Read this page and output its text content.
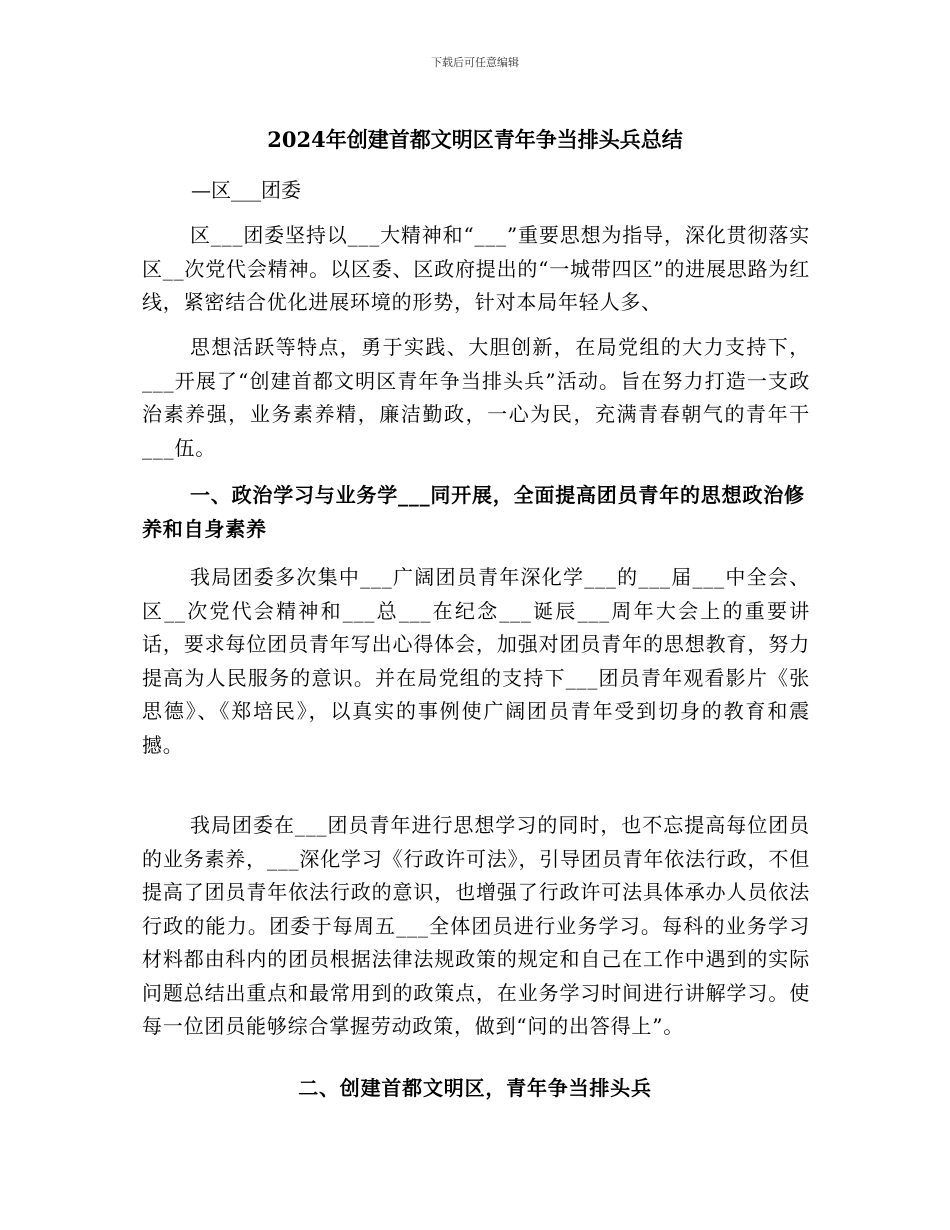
下载后可任意编辑
2024年创建首都文明区青年争当排头兵总结
—区___团委

区___团委坚持以___大精神和“___”重要思想为指导，深化贯彻落实区__次党代会精神。以区委、区政府提出的“一城带四区”的进展思路为红线，紧密结合优化进展环境的形势，针对本局年轻人多、

思想活跃等特点，勇于实践、大胆创新，在局党组的大力支持下，___开展了“创建首都文明区青年争当排头兵”活动。旨在努力打造一支政治素养强，业务素养精，廉洁勤政，一心为民，充满青春朝气的青年干___伍。

一、政治学习与业务学___同开展，全面提高团员青年的思想政治修养和自身素养

我局团委多次集中___广阔团员青年深化学___的___届___中全会、区__次党代会精神和___总___在纪念___诞辰___周年大会上的重要讲话，要求每位团员青年写出心得体会，加强对团员青年的思想教育，努力提高为人民服务的意识。并在局党组的支持下___团员青年观看影片《张思德》、《郑培民》，以真实的事例使广阔团员青年受到切身的教育和震撼。

我局团委在___团员青年进行思想学习的同时，也不忘提高每位团员的业务素养，___深化学习《行政许可法》，引导团员青年依法行政，不但提高了团员青年依法行政的意识，也增强了行政许可法具体承办人员依法行政的能力。团委于每周五___全体团员进行业务学习。每科的业务学习材料都由科内的团员根据法律法规政策的规定和自己在工作中遇到的实际问题总结出重点和最常用到的政策点，在业务学习时间进行讲解学习。使每一位团员能够综合掌握劳动政策，做到“问的出答得上”。

二、创建首都文明区，青年争当排头兵
